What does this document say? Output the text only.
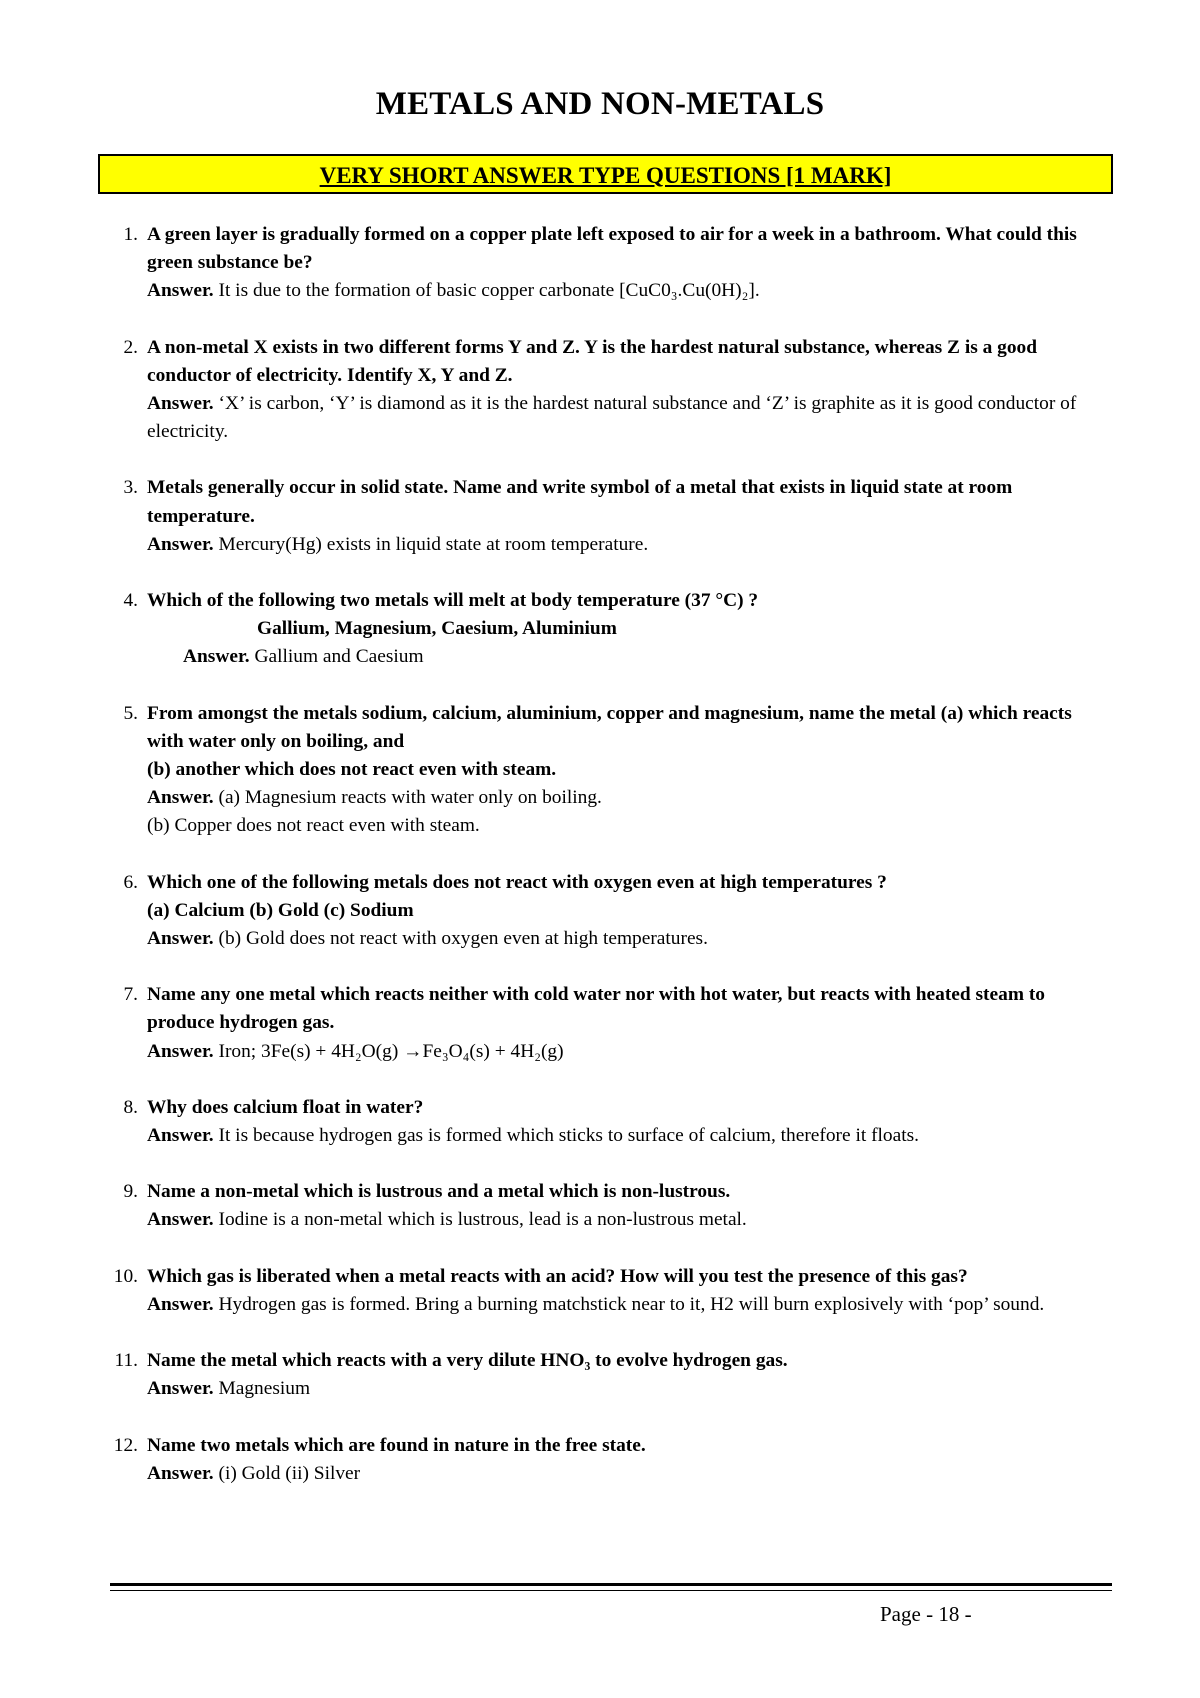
METALS AND NON-METALS
VERY SHORT ANSWER TYPE QUESTIONS [1 MARK]
1. A green layer is gradually formed on a copper plate left exposed to air for a week in a bathroom. What could this green substance be?
Answer. It is due to the formation of basic copper carbonate [CuC0₃.Cu(0H)₂].
2. A non-metal X exists in two different forms Y and Z. Y is the hardest natural substance, whereas Z is a good conductor of electricity. Identify X, Y and Z.
Answer. ‘X’ is carbon, ‘Y’ is diamond as it is the hardest natural substance and ‘Z’ is graphite as it is good conductor of electricity.
3. Metals generally occur in solid state. Name and write symbol of a metal that exists in liquid state at room temperature.
Answer. Mercury(Hg) exists in liquid state at room temperature.
4. Which of the following two metals will melt at body temperature (37 °C) ?
Gallium, Magnesium, Caesium, Aluminium
Answer. Gallium and Caesium
5. From amongst the metals sodium, calcium, aluminium, copper and magnesium, name the metal (a) which reacts with water only on boiling, and
(b) another which does not react even with steam.
Answer. (a) Magnesium reacts with water only on boiling.
(b) Copper does not react even with steam.
6. Which one of the following metals does not react with oxygen even at high temperatures ?
(a) Calcium (b) Gold (c) Sodium
Answer. (b) Gold does not react with oxygen even at high temperatures.
7. Name any one metal which reacts neither with cold water nor with hot water, but reacts with heated steam to produce hydrogen gas.
Answer. Iron; 3Fe(s) + 4H₂O(g) →Fe₃O₄(s) + 4H₂(g)
8. Why does calcium float in water?
Answer. It is because hydrogen gas is formed which sticks to surface of calcium, therefore it floats.
9. Name a non-metal which is lustrous and a metal which is non-lustrous.
Answer. Iodine is a non-metal which is lustrous, lead is a non-lustrous metal.
10. Which gas is liberated when a metal reacts with an acid? How will you test the presence of this gas?
Answer. Hydrogen gas is formed. Bring a burning matchstick near to it, H2 will burn explosively with ‘pop’ sound.
11. Name the metal which reacts with a very dilute HNO₃ to evolve hydrogen gas.
Answer. Magnesium
12. Name two metals which are found in nature in the free state.
Answer. (i) Gold (ii) Silver
Page - 18 -
